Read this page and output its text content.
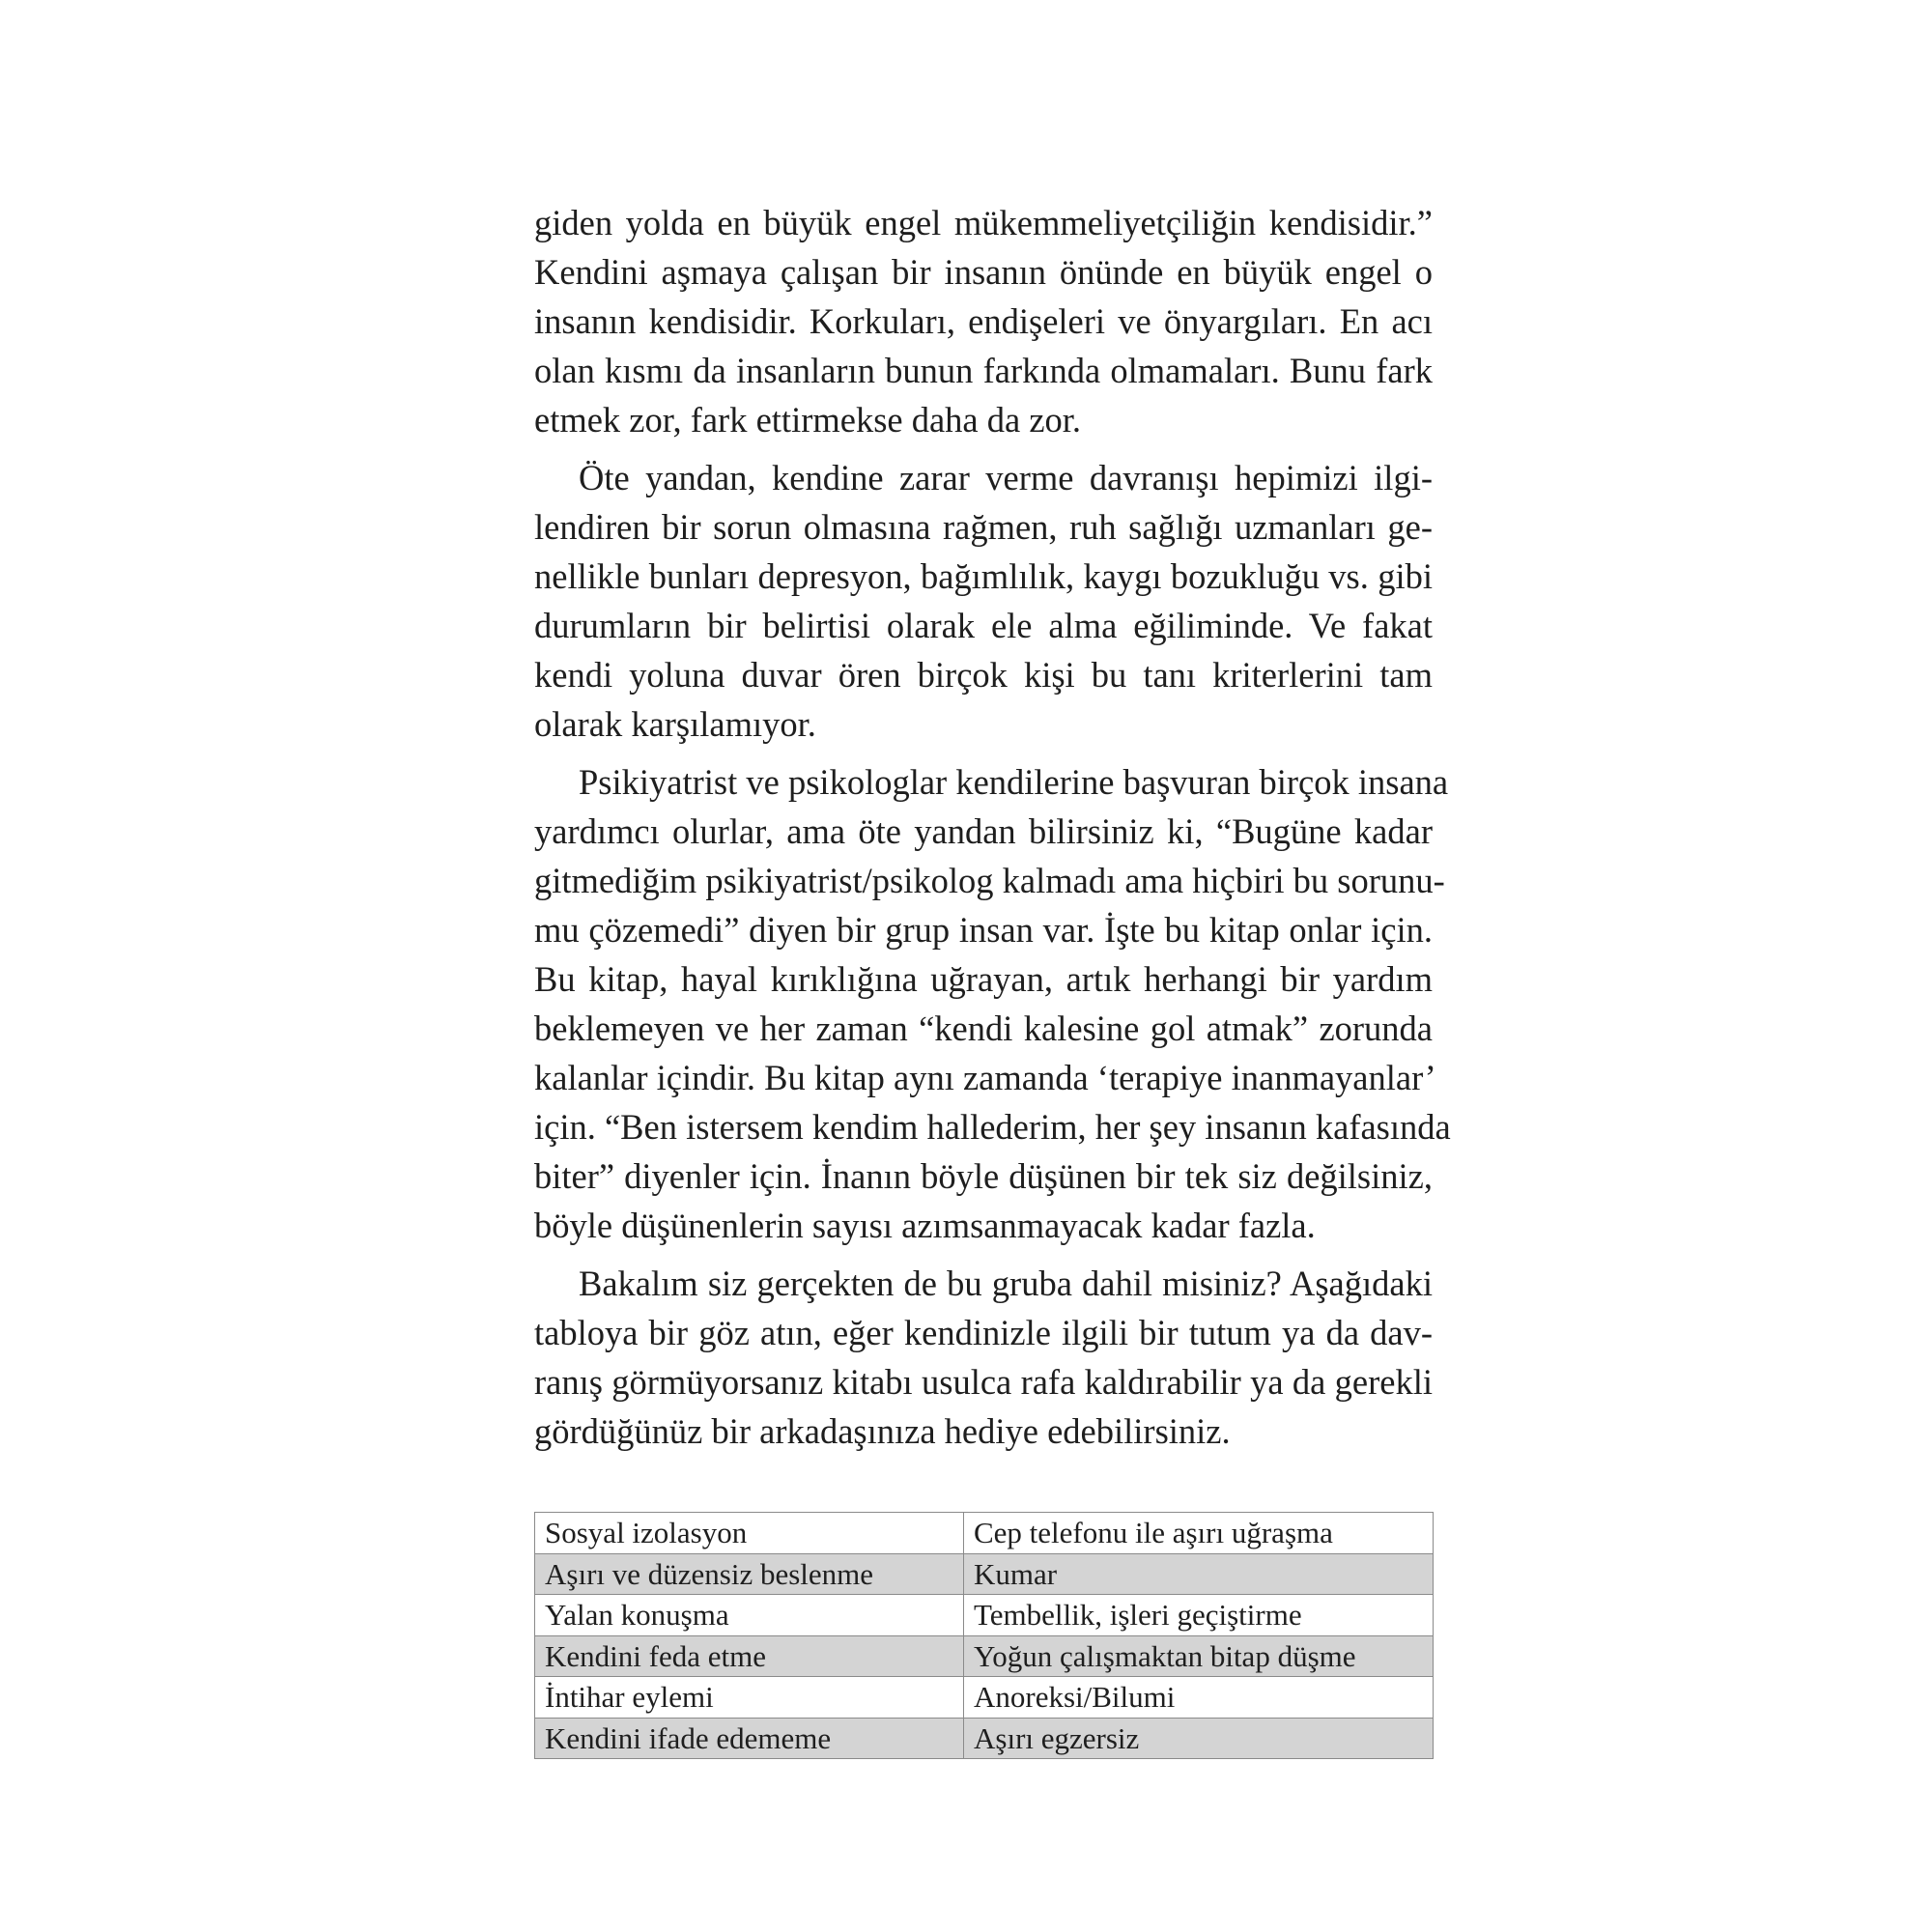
giden yolda en büyük engel mükemmeliyetçiliğin kendisidir.”
Kendini aşmaya çalışan bir insanın önünde en büyük engel o
insanın kendisidir. Korkuları, endişeleri ve önyargıları. En acı
olan kısmı da insanların bunun farkında olmamaları. Bunu fark
etmek zor, fark ettirmekse daha da zor.
Öte yandan, kendine zarar verme davranışı hepimizi ilgi-
lendiren bir sorun olmasına rağmen, ruh sağlığı uzmanları ge-
nellikle bunları depresyon, bağımlılık, kaygı bozukluğu vs. gibi
durumların bir belirtisi olarak ele alma eğiliminde. Ve fakat
kendi yoluna duvar ören birçok kişi bu tanı kriterlerini tam
olarak karşılamıyor.
Psikiyatrist ve psikologlar kendilerine başvuran birçok insana
yardımcı olurlar, ama öte yandan bilirsiniz ki, “Bugüne kadar
gitmediğim psikiyatrist/psikolog kalmadı ama hiçbiri bu sorunu-
mu çözemedi” diyen bir grup insan var. İşte bu kitap onlar için.
Bu kitap, hayal kırıklığına uğrayan, artık herhangi bir yardım
beklemeyen ve her zaman “kendi kalesine gol atmak” zorunda
kalanlar içindir. Bu kitap aynı zamanda ‘terapiye inanmayanlar’
için. “Ben istersem kendim hallederim, her şey insanın kafasında
biter” diyenler için. İnanın böyle düşünen bir tek siz değilsiniz,
böyle düşünenlerin sayısı azımsanmayacak kadar fazla.
Bakalım siz gerçekten de bu gruba dahil misiniz? Aşağıdaki
tabloya bir göz atın, eğer kendinizle ilgili bir tutum ya da dav-
ranış görmüyorsanız kitabı usulca rafa kaldırabilir ya da gerekli
gördüğünüz bir arkadaşınıza hediye edebilirsiniz.
Sosyal izolasyon	Cep telefonu ile aşırı uğraşma
Aşırı ve düzensiz beslenme	Kumar
Yalan konuşma	Tembellik, işleri geçiştirme
Kendini feda etme	Yoğun çalışmaktan bitap düşme
İntihar eylemi	Anoreksi/Bilumi
Kendini ifade edememe	Aşırı egzersiz
